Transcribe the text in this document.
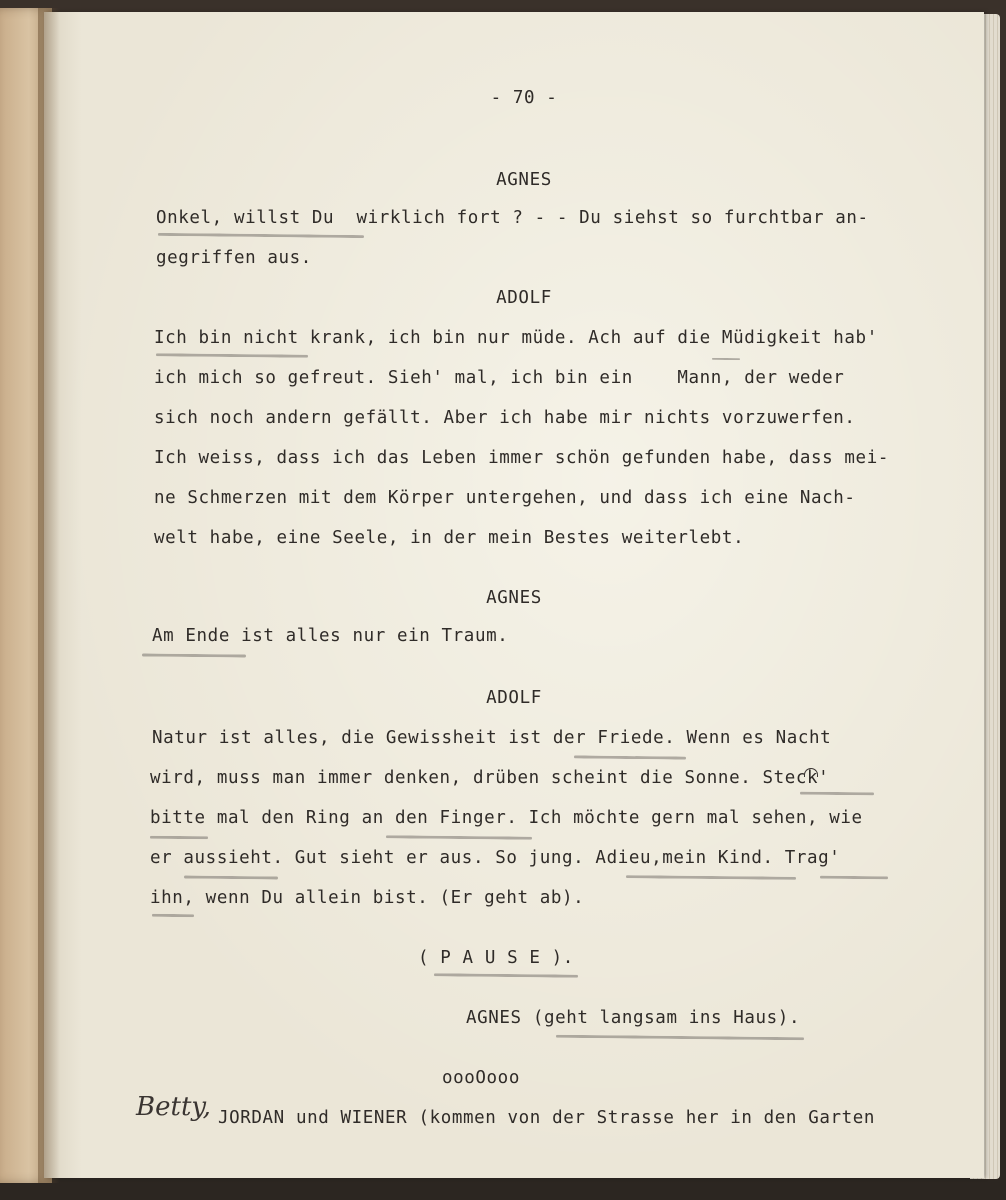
- 70 -
AGNES
Onkel, willst Du  wirklich fort ? - - Du siehst so furchtbar an-
gegriffen aus.
ADOLF
Ich bin nicht krank, ich bin nur müde. Ach auf die Müdigkeit hab'
ich mich so gefreut. Sieh' mal, ich bin ein    Mann, der weder
sich noch andern gefällt. Aber ich habe mir nichts vorzuwerfen.
Ich weiss, dass ich das Leben immer schön gefunden habe, dass mei-
ne Schmerzen mit dem Körper untergehen, und dass ich eine Nach-
welt habe, eine Seele, in der mein Bestes weiterlebt.
AGNES
Am Ende ist alles nur ein Traum.
ADOLF
Natur ist alles, die Gewissheit ist der Friede. Wenn es Nacht
wird, muss man immer denken, drüben scheint die Sonne. Steck'
bitte mal den Ring an den Finger. Ich möchte gern mal sehen, wie
er aussieht. Gut sieht er aus. So jung. Adieu,mein Kind. Trag'
ihn, wenn Du allein bist. (Er geht ab).
( P A U S E ).
AGNES (geht langsam ins Haus).
oooOooo
Betty, JORDAN und WIENER (kommen von der Strasse her in den Garten
